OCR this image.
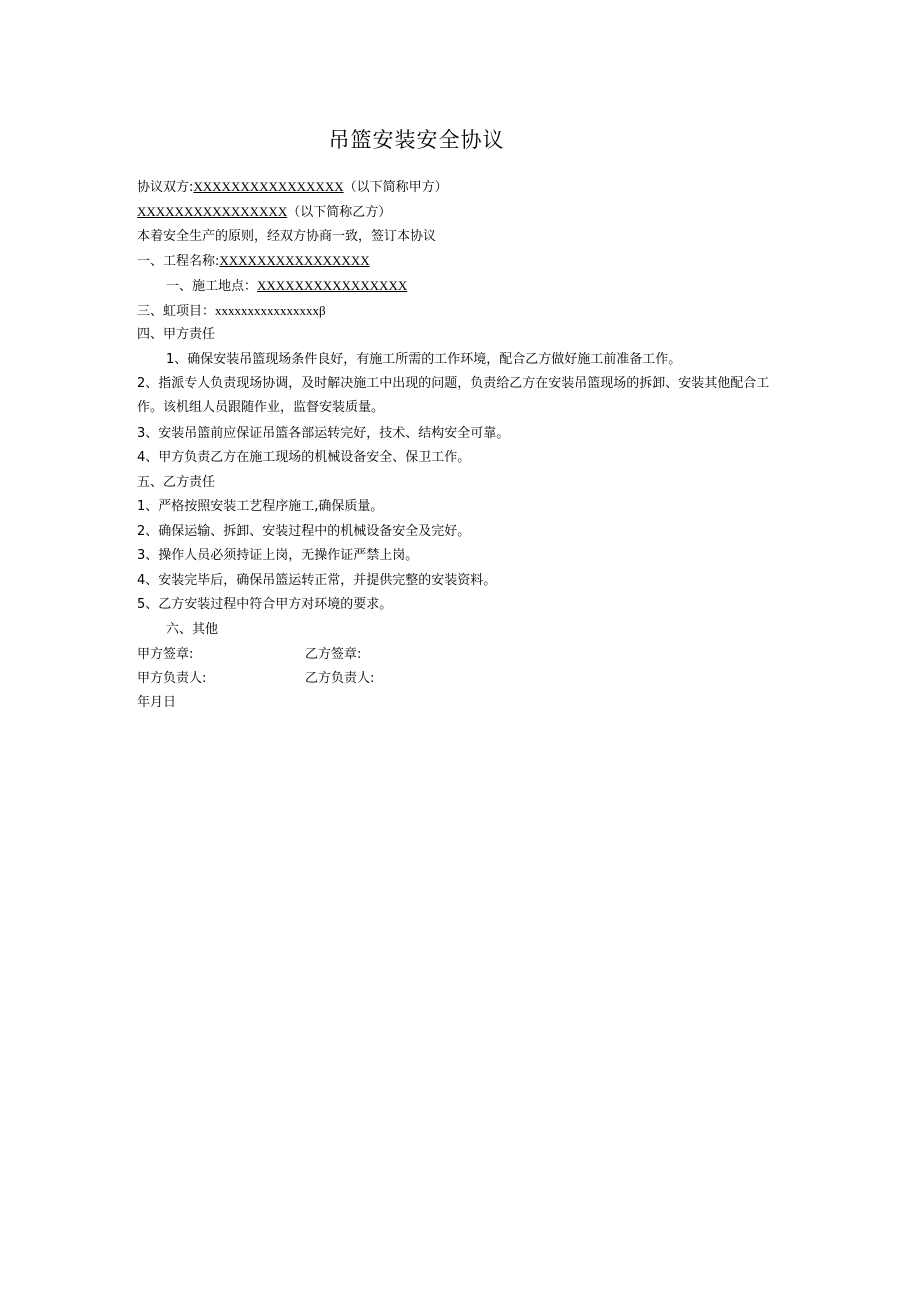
吊篮安装安全协议
协议双方:XXXXXXXXXXXXXXXX（以下简称甲方）
XXXXXXXXXXXXXXXX（以下简称乙方）
本着安全生产的原则，经双方协商一致，签订本协议
一、工程名称:XXXXXXXXXXXXXXXX
一、施工地点：XXXXXXXXXXXXXXXX
三、虹项目：xxxxxxxxxxxxxxxxβ
四、甲方责任
1、确保安装吊篮现场条件良好，有施工所需的工作环境，配合乙方做好施工前准备工作。
2、指派专人负责现场协调，及时解决施工中出现的问题，负责给乙方在安装吊篮现场的拆卸、安装其他配合工作。该机组人员跟随作业，监督安装质量。
3、安装吊篮前应保证吊篮各部运转完好，技术、结构安全可靠。
4、甲方负责乙方在施工现场的机械设备安全、保卫工作。
五、乙方责任
1、严格按照安装工艺程序施工,确保质量。
2、确保运输、拆卸、安装过程中的机械设备安全及完好。
3、操作人员必须持证上岗，无操作证严禁上岗。
4、安装完毕后，确保吊篮运转正常，并提供完整的安装资料。
5、乙方安装过程中符合甲方对环境的要求。
六、其他
甲方签章:	乙方签章:
甲方负责人:	乙方负责人:
年月日
